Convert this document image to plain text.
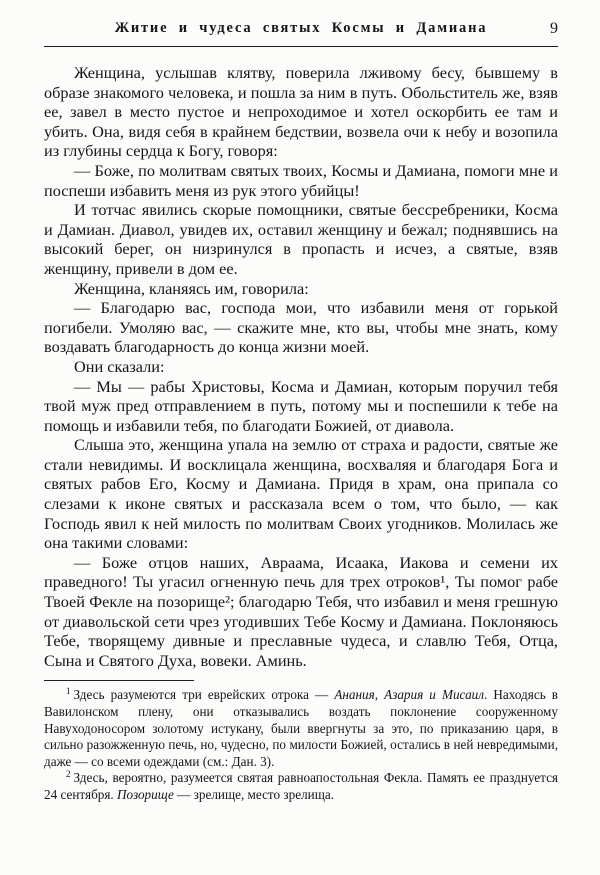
Житие и чудеса святых Космы и Дамиана	9

Женщина, услышав клятву, поверила лживому бесу, бывшему в образе знакомого человека, и пошла за ним в путь. Обольститель же, взяв ее, завел в место пустое и непроходимое и хотел оскорбить ее там и убить. Она, видя себя в крайнем бедствии, возвела очи к небу и возопила из глубины сердца к Богу, говоря:

— Боже, по молитвам святых твоих, Космы и Дамиана, помоги мне и поспеши избавить меня из рук этого убийцы!

И тотчас явились скорые помощники, святые бессребреники, Косма и Дамиан. Диавол, увидев их, оставил женщину и бежал; поднявшись на высокий берег, он низринулся в пропасть и исчез, а святые, взяв женщину, привели в дом ее.

Женщина, кланяясь им, говорила:

— Благодарю вас, господа мои, что избавили меня от горькой погибели. Умоляю вас, — скажите мне, кто вы, чтобы мне знать, кому воздавать благодарность до конца жизни моей.

Они сказали:

— Мы — рабы Христовы, Косма и Дамиан, которым поручил тебя твой муж пред отправлением в путь, потому мы и поспешили к тебе на помощь и избавили тебя, по благодати Божией, от диавола.

Слыша это, женщина упала на землю от страха и радости, святые же стали невидимы. И восклицала женщина, восхваляя и благодаря Бога и святых рабов Его, Косму и Дамиана. Придя в храм, она припала со слезами к иконе святых и рассказала всем о том, что было, — как Господь явил к ней милость по молитвам Своих угодников. Молилась же она такими словами:

— Боже отцов наших, Авраама, Исаака, Иакова и семени их праведного! Ты угасил огненную печь для трех отроков¹, Ты помог рабе Твоей Фекле на позорище²; благодарю Тебя, что избавил и меня грешную от диавольской сети чрез угодивших Тебе Косму и Дамиана. Поклоняюсь Тебе, творящему дивные и преславные чудеса, и славлю Тебя, Отца, Сына и Святого Духа, вовеки. Аминь.

$^1$ Здесь разумеются три еврейских отрока — Анания, Азария и Мисаил. Находясь в Вавилонском плену, они отказывались воздать поклонение сооруженному Навуходоносором золотому истукану, были ввергнуты за это, по приказанию царя, в сильно разожженную печь, но, чудесно, по милости Божией, остались в ней невредимыми, даже — со всеми одеждами (см.: Дан. 3).

$^2$ Здесь, вероятно, разумеется святая равноапостольная Фекла. Память ее празднуется 24 сентября. Позорище — зрелище, место зрелища.
